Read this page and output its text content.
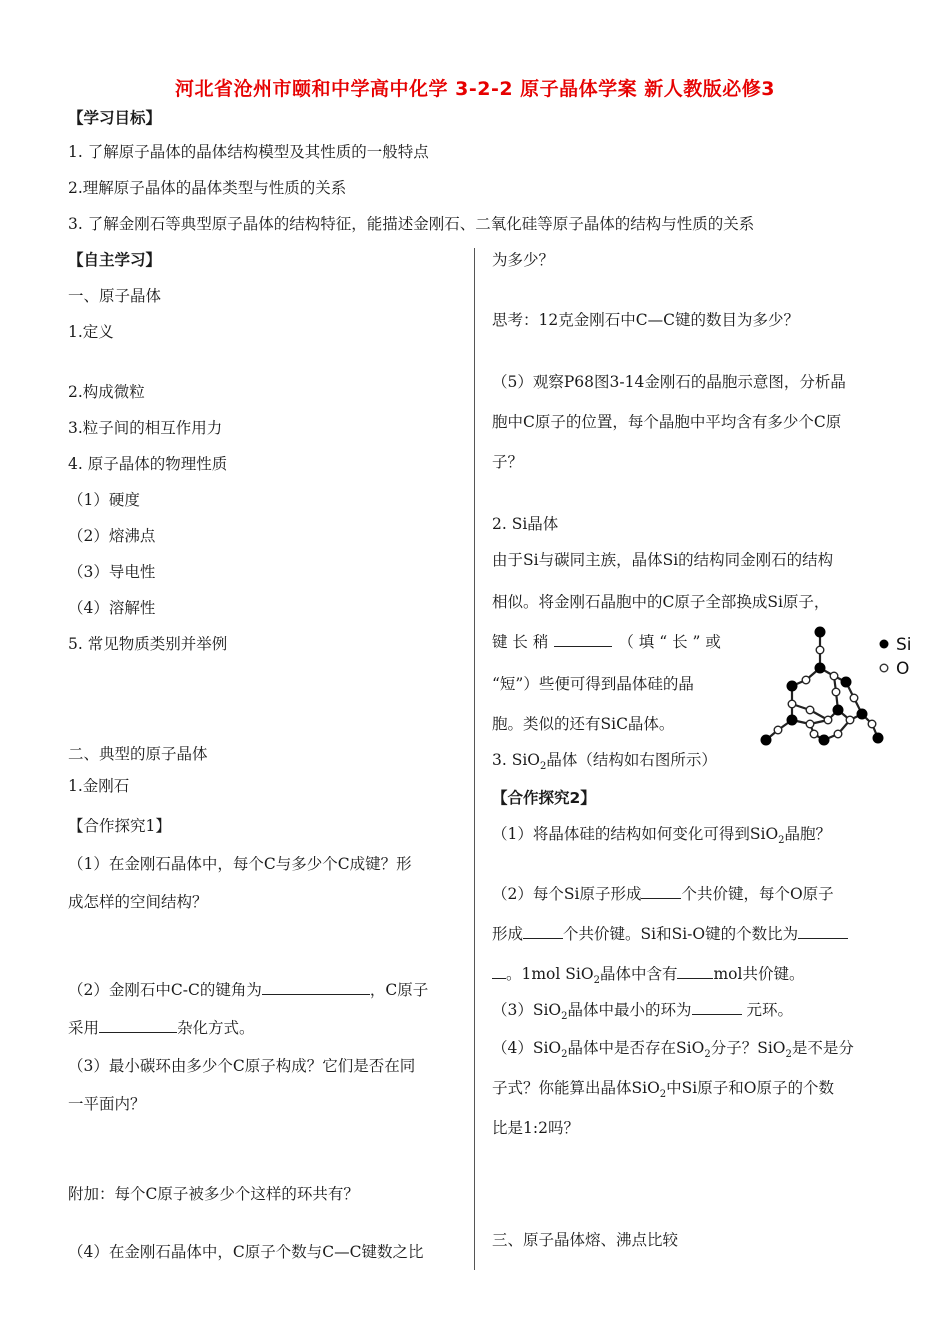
河北省沧州市颐和中学高中化学 3-2-2 原子晶体学案 新人教版必修3
【学习目标】
1. 了解原子晶体的晶体结构模型及其性质的一般特点
2.理解原子晶体的晶体类型与性质的关系
3. 了解金刚石等典型原子晶体的结构特征，能描述金刚石、二氧化硅等原子晶体的结构与性质的关系
【自主学习】
一、原子晶体
1.定义
2.构成微粒
3.粒子间的相互作用力
4. 原子晶体的物理性质
（1）硬度
（2）熔沸点
（3）导电性
（4）溶解性
5. 常见物质类别并举例
二、典型的原子晶体
1.金刚石
【合作探究1】
（1）在金刚石晶体中，每个C与多少个C成键？形
成怎样的空间结构？
（2）金刚石中C-C的键角为	，C原子
采用	杂化方式。
（3）最小碳环由多少个C原子构成？它们是否在同
一平面内？
附加：每个C原子被多少个这样的环共有？
（4）在金刚石晶体中，C原子个数与C—C键数之比
为多少？
思考：12克金刚石中C—C键的数目为多少？
（5）观察P68图3-14金刚石的晶胞示意图，分析晶
胞中C原子的位置，每个晶胞中平均含有多少个C原
子？
2. Si晶体
由于Si与碳同主族，晶体Si的结构同金刚石的结构
相似。将金刚石晶胞中的C原子全部换成Si原子，
键 长 稍	（ 填 “ 长 ” 或
“短”）些便可得到晶体硅的晶
胞。类似的还有SiC晶体。
3. SiO$_2$晶体（结构如右图所示）
Si
O
【合作探究2】
（1）将晶体硅的结构如何变化可得到SiO$_2$晶胞？
（2）每个Si原子形成	个共价键，每个O原子
形成	个共价键。Si和Si-O键的个数比为
。1mol SiO$_2$晶体中含有 mol共价键。
（3）SiO$_2$晶体中最小的环为	元环。
（4）SiO$_2$晶体中是否存在SiO$_2$分子？SiO$_2$是不是分
子式？你能算出晶体SiO$_2$中Si原子和O原子的个数
比是1:2吗？
三、原子晶体熔、沸点比较
